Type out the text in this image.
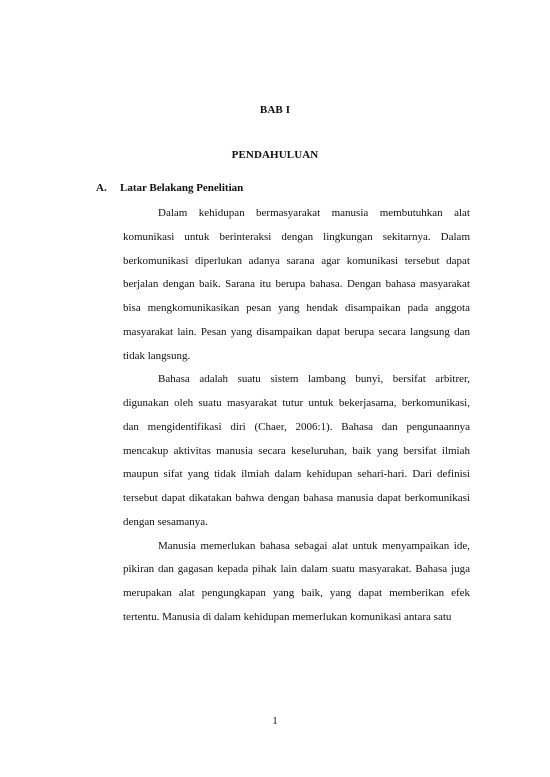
BAB I
PENDAHULUAN
A. Latar Belakang Penelitian

Dalam kehidupan bermasyarakat manusia membutuhkan alat komunikasi untuk berinteraksi dengan lingkungan sekitarnya. Dalam berkomunikasi diperlukan adanya sarana agar komunikasi tersebut dapat berjalan dengan baik. Sarana itu berupa bahasa. Dengan bahasa masyarakat bisa mengkomunikasikan pesan yang hendak disampaikan pada anggota masyarakat lain. Pesan yang disampaikan dapat berupa secara langsung dan tidak langsung.

Bahasa adalah suatu sistem lambang bunyi, bersifat arbitrer, digunakan oleh suatu masyarakat tutur untuk bekerjasama, berkomunikasi, dan mengidentifikasi diri (Chaer, 2006:1). Bahasa dan pengunaannya mencakup aktivitas manusia secara keseluruhan, baik yang bersifat ilmiah maupun sifat yang tidak ilmiah dalam kehidupan sehari-hari. Dari definisi tersebut dapat dikatakan bahwa dengan bahasa manusia dapat berkomunikasi dengan sesamanya.

Manusia memerlukan bahasa sebagai alat untuk menyampaikan ide, pikiran dan gagasan kepada pihak lain dalam suatu masyarakat. Bahasa juga merupakan alat pengungkapan yang baik, yang dapat memberikan efek tertentu. Manusia di dalam kehidupan memerlukan komunikasi antara satu

1
